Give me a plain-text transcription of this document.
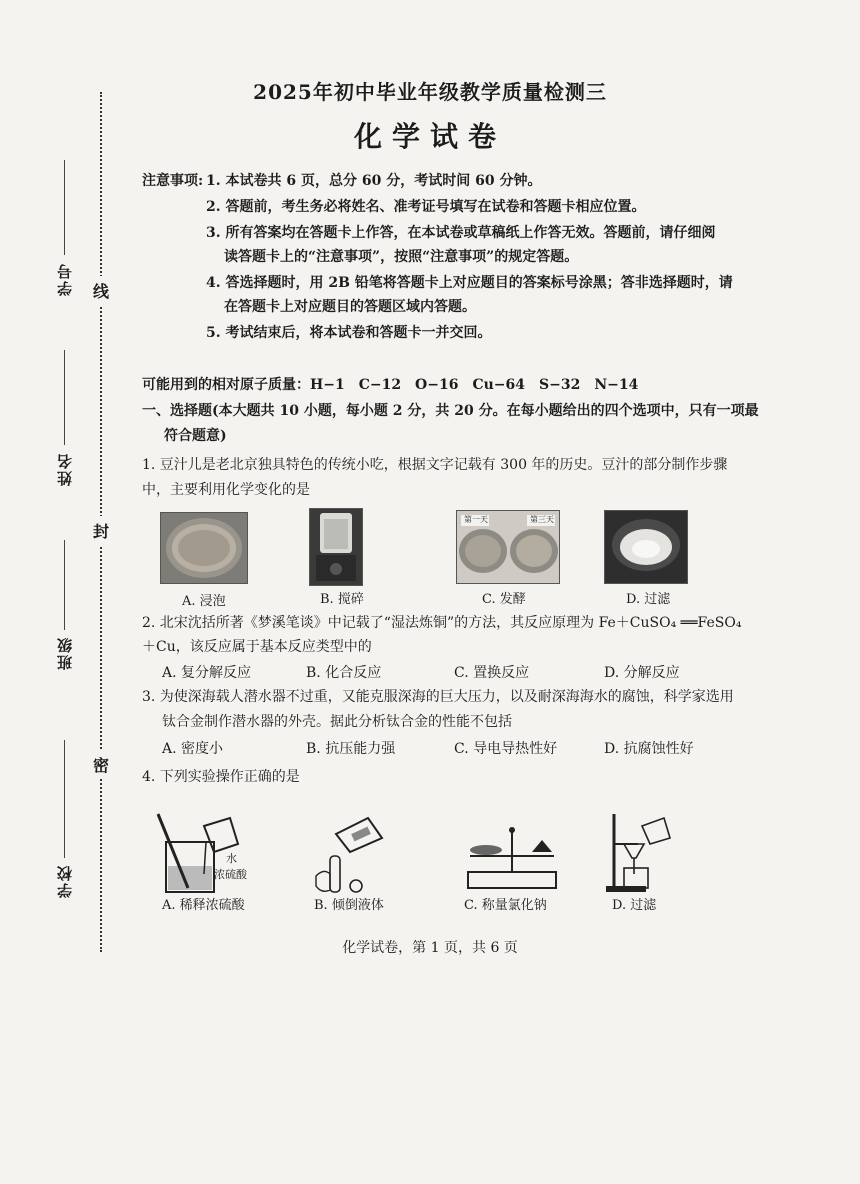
线
封
密
学号
姓名
班级
学校
2025年初中毕业年级教学质量检测三
化学试卷
注意事项: 1. 本试卷共 6 页，总分 60 分，考试时间 60 分钟。
2. 答题前，考生务必将姓名、准考证号填写在试卷和答题卡相应位置。
3. 所有答案均在答题卡上作答，在本试卷或草稿纸上作答无效。答题前，请仔细阅
读答题卡上的“注意事项”，按照“注意事项”的规定答题。
4. 答选择题时，用 2B 铅笔将答题卡上对应题目的答案标号涂黑；答非选择题时，请
在答题卡上对应题目的答题区域内答题。
5. 考试结束后，将本试卷和答题卡一并交回。
可能用到的相对原子质量：H−1　C−12　O−16　Cu−64　S−32　N−14
一、选择题(本大题共 10 小题，每小题 2 分，共 20 分。在每小题给出的四个选项中，只有一项最
符合题意)
1. 豆汁儿是老北京独具特色的传统小吃，根据文字记载有 300 年的历史。豆汁的部分制作步骤
中，主要利用化学变化的是
第一天	第三天
A. 浸泡	B. 搅碎	C. 发酵	D. 过滤
2. 北宋沈括所著《梦溪笔谈》中记载了“湿法炼铜”的方法，其反应原理为 Fe＋CuSO₄ ══FeSO₄
＋Cu，该反应属于基本反应类型中的
A. 复分解反应	B. 化合反应	C. 置换反应	D. 分解反应
3. 为使深海载人潜水器不过重，又能克服深海的巨大压力，以及耐深海海水的腐蚀，科学家选用
钛合金制作潜水器的外壳。据此分析钛合金的性能不包括
A. 密度小	B. 抗压能力强	C. 导电导热性好	D. 抗腐蚀性好
4. 下列实验操作正确的是
水
浓硫酸
A. 稀释浓硫酸	B. 倾倒液体	C. 称量氯化钠	D. 过滤
化学试卷，第 1 页，共 6 页
